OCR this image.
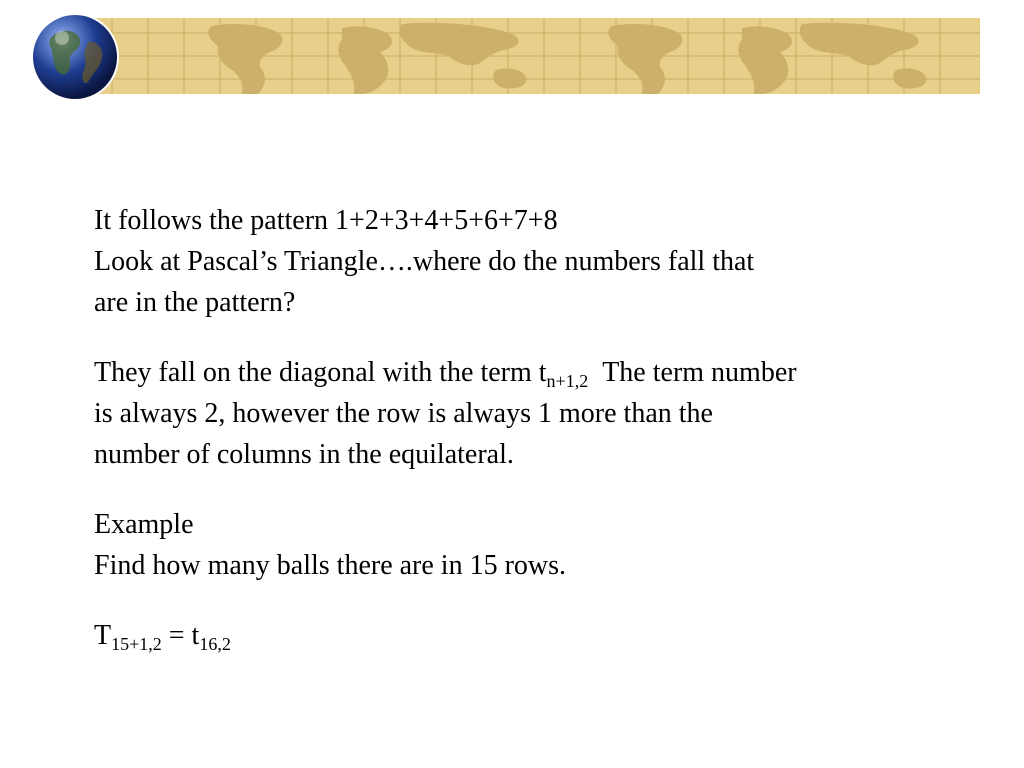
It follows the pattern 1+2+3+4+5+6+7+8
Look at Pascal’s Triangle….where do the numbers fall that
are in the pattern?
They fall on the diagonal with the term $t_{n+1,2}$ The term number
is always 2, however the row is always 1 more than the
number of columns in the equilateral.
Example
Find how many balls there are in 15 rows.
$T_{15+1,2} = t_{16,2}$
